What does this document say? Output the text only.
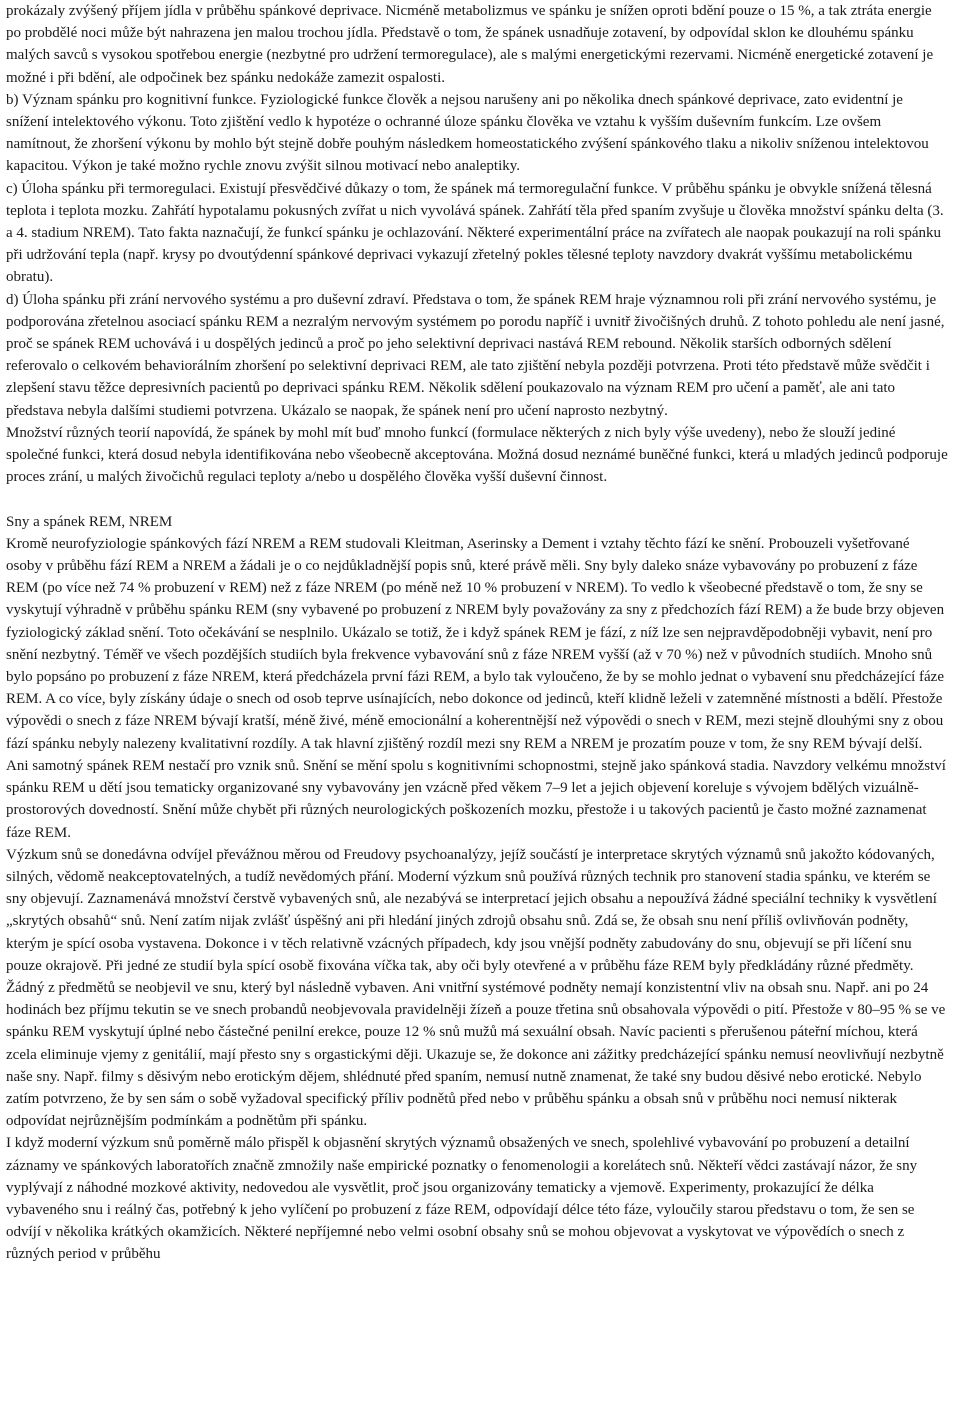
prokázaly zvýšený příjem jídla v průběhu spánkové deprivace. Nicméně metabolizmus ve spánku je snížen oproti bdění pouze o 15 %, a tak ztráta energie po probdělé noci může být nahrazena jen malou trochou jídla. Představě o tom, že spánek usnadňuje zotavení, by odpovídal sklon ke dlouhému spánku malých savců s vysokou spotřebou energie (nezbytné pro udržení termoregulace), ale s malými energetickými rezervami. Nicméně energetické zotavení je možné i při bdění, ale odpočinek bez spánku nedokáže zamezit ospalosti.

b) Význam spánku pro kognitivní funkce. Fyziologické funkce člověk a nejsou narušeny ani po několika dnech spánkové deprivace, zato evidentní je snížení intelektového výkonu. Toto zjištění vedlo k hypotéze o ochranné úloze spánku člověka ve vztahu k vyšším duševním funkcím. Lze ovšem namítnout, že zhoršení výkonu by mohlo být stejně dobře pouhým následkem homeostatického zvýšení spánkového tlaku a nikoliv sníženou intelektovou kapacitou. Výkon je také možno rychle znovu zvýšit silnou motivací nebo analeptiky.

c) Úloha spánku při termoregulaci. Existují přesvědčivé důkazy o tom, že spánek má termoregulační funkce. V průběhu spánku je obvykle snížená tělesná teplota i teplota mozku. Zahřátí hypotalamu pokusných zvířat u nich vyvolává spánek. Zahřátí těla před spaním zvyšuje u člověka množství spánku delta (3. a 4. stadium NREM). Tato fakta naznačují, že funkcí spánku je ochlazování. Některé experimentální práce na zvířatech ale naopak poukazují na roli spánku při udržování tepla (např. krysy po dvoutýdenní spánkové deprivaci vykazují zřetelný pokles tělesné teploty navzdory dvakrát vyššímu metabolickému obratu).

d) Úloha spánku při zrání nervového systému a pro duševní zdraví. Představa o tom, že spánek REM hraje významnou roli při zrání nervového systému, je podporována zřetelnou asociací spánku REM a nezralým nervovým systémem po porodu napříč i uvnitř živočišných druhů. Z tohoto pohledu ale není jasné, proč se spánek REM uchovává i u dospělých jedinců a proč po jeho selektivní deprivaci nastává REM rebound. Několik starších odborných sdělení referovalo o celkovém behaviorálním zhoršení po selektivní deprivaci REM, ale tato zjištění nebyla později potvrzena. Proti této představě může svědčit i zlepšení stavu těžce depresivních pacientů po deprivaci spánku REM. Několik sdělení poukazovalo na význam REM pro učení a paměť, ale ani tato představa nebyla dalšími studiemi potvrzena. Ukázalo se naopak, že spánek není pro učení naprosto nezbytný.

Množství různých teorií napovídá, že spánek by mohl mít buď mnoho funkcí (formulace některých z nich byly výše uvedeny), nebo že slouží jediné společné funkci, která dosud nebyla identifikována nebo všeobecně akceptována. Možná dosud neznámé buněčné funkci, která u mladých jedinců podporuje proces zrání, u malých živočichů regulaci teploty a/nebo u dospělého člověka vyšší duševní činnost.

Sny a spánek REM, NREM

Kromě neurofyziologie spánkových fází NREM a REM studovali Kleitman, Aserinsky a Dement i vztahy těchto fází ke snění. Probouzeli vyšetřované osoby v průběhu fází REM a NREM a žádali je o co nejdůkladnější popis snů, které právě měli. Sny byly daleko snáze vybavovány po probuzení z fáze REM (po více než 74 % probuzení v REM) než z fáze NREM (po méně než 10 % probuzení v NREM). To vedlo k všeobecné představě o tom, že sny se vyskytují výhradně v průběhu spánku REM (sny vybavené po probuzení z NREM byly považovány za sny z předchozích fází REM) a že bude brzy objeven fyziologický základ snění. Toto očekávání se nesplnilo. Ukázalo se totiž, že i když spánek REM je fází, z níž lze sen nejpravděpodobněji vybavit, není pro snění nezbytný. Téměř ve všech pozdějších studiích byla frekvence vybavování snů z fáze NREM vyšší (až v 70 %) než v původních studiích. Mnoho snů bylo popsáno po probuzení z fáze NREM, která předcházela první fázi REM, a bylo tak vyloučeno, že by se mohlo jednat o vybavení snu předcházející fáze REM. A co více, byly získány údaje o snech od osob teprve usínajících, nebo dokonce od jedinců, kteří klidně leželi v zatemněné místnosti a bdělí. Přestože výpovědi o snech z fáze NREM bývají kratší, méně živé, méně emocionální a koherentnější než výpovědi o snech v REM, mezi stejně dlouhými sny z obou fází spánku nebyly nalezeny kvalitativní rozdíly. A tak hlavní zjištěný rozdíl mezi sny REM a NREM je prozatím pouze v tom, že sny REM bývají delší.

Ani samotný spánek REM nestačí pro vznik snů. Snění se mění spolu s kognitivními schopnostmi, stejně jako spánková stadia. Navzdory velkému množství spánku REM u dětí jsou tematicky organizované sny vybavovány jen vzácně před věkem 7–9 let a jejich objevení koreluje s vývojem bdělých vizuálně-prostorových dovedností. Snění může chybět při různých neurologických poškozeních mozku, přestože i u takových pacientů je často možné zaznamenat fáze REM.

Výzkum snů se donedávna odvíjel převážnou měrou od Freudovy psychoanalýzy, jejíž součástí je interpretace skrytých významů snů jakožto kódovaných, silných, vědomě neakceptovatelných, a tudíž nevědomých přání. Moderní výzkum snů používá různých technik pro stanovení stadia spánku, ve kterém se sny objevují. Zaznamenává množství čerstvě vybavených snů, ale nezabývá se interpretací jejich obsahu a nepoužívá žádné speciální techniky k vysvětlení „skrytých obsahů“ snů. Není zatím nijak zvlášť úspěšný ani při hledání jiných zdrojů obsahu snů. Zdá se, že obsah snu není příliš ovlivňován podněty, kterým je spící osoba vystavena. Dokonce i v těch relativně vzácných případech, kdy jsou vnější podněty zabudovány do snu, objevují se při líčení snu pouze okrajově. Při jedné ze studií byla spící osobě fixována víčka tak, aby oči byly otevřené a v průběhu fáze REM byly předkládány různé předměty. Žádný z předmětů se neobjevil ve snu, který byl následně vybaven. Ani vnitřní systémové podněty nemají konzistentní vliv na obsah snu. Např. ani po 24 hodinách bez příjmu tekutin se ve snech probandů neobjevovala pravidelněji žízeň a pouze třetina snů obsahovala výpovědi o pití. Přestože v 80–95 % se ve spánku REM vyskytují úplné nebo částečné penilní erekce, pouze 12 % snů mužů má sexuální obsah. Navíc pacienti s přerušenou páteřní míchou, která zcela eliminuje vjemy z genitálií, mají přesto sny s orgastickými ději. Ukazuje se, že dokonce ani zážitky predcházející spánku nemusí neovlivňují nezbytně naše sny. Např. filmy s děsivým nebo erotickým dějem, shlédnuté před spaním, nemusí nutně znamenat, že také sny budou děsivé nebo erotické. Nebylo zatím potvrzeno, že by sen sám o sobě vyžadoval specifický příliv podnětů před nebo v průběhu spánku a obsah snů v průběhu noci nemusí nikterak odpovídat nejrůznějším podmínkám a podnětům při spánku.

I když moderní výzkum snů poměrně málo přispěl k objasnění skrytých významů obsažených ve snech, spolehlivé vybavování po probuzení a detailní záznamy ve spánkových laboratořích značně zmnožily naše empirické poznatky o fenomenologii a korelátech snů. Někteří vědci zastávají názor, že sny vyplývají z náhodné mozkové aktivity, nedovedou ale vysvětlit, proč jsou organizovány tematicky a vjemově. Experimenty, prokazující že délka vybaveného snu i reálný čas, potřebný k jeho vylíčení po probuzení z fáze REM, odpovídají délce této fáze, vyloučily starou představu o tom, že sen se odvíjí v několika krátkých okamžicích. Některé nepříjemné nebo velmi osobní obsahy snů se mohou objevovat a vyskytovat ve výpovědích o snech z různých period v průběhu
